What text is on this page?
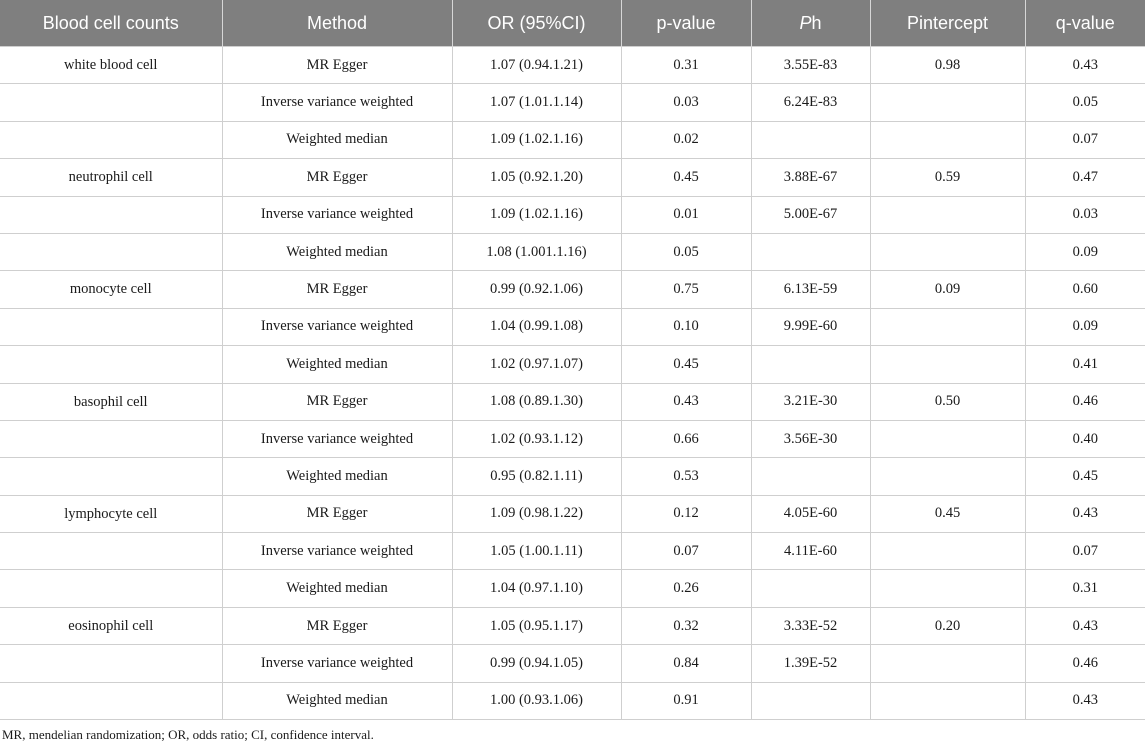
Blood cell counts	Method	OR (95%CI)	p-value	Ph	Pintercept	q-value
white blood cell	MR Egger	1.07 (0.94.1.21)	0.31	3.55E-83	0.98	0.43
	Inverse variance weighted	1.07 (1.01.1.14)	0.03	6.24E-83		0.05
	Weighted median	1.09 (1.02.1.16)	0.02			0.07
neutrophil cell	MR Egger	1.05 (0.92.1.20)	0.45	3.88E-67	0.59	0.47
	Inverse variance weighted	1.09 (1.02.1.16)	0.01	5.00E-67		0.03
	Weighted median	1.08 (1.001.1.16)	0.05			0.09
monocyte cell	MR Egger	0.99 (0.92.1.06)	0.75	6.13E-59	0.09	0.60
	Inverse variance weighted	1.04 (0.99.1.08)	0.10	9.99E-60		0.09
	Weighted median	1.02 (0.97.1.07)	0.45			0.41
basophil cell	MR Egger	1.08 (0.89.1.30)	0.43	3.21E-30	0.50	0.46
	Inverse variance weighted	1.02 (0.93.1.12)	0.66	3.56E-30		0.40
	Weighted median	0.95 (0.82.1.11)	0.53			0.45
lymphocyte cell	MR Egger	1.09 (0.98.1.22)	0.12	4.05E-60	0.45	0.43
	Inverse variance weighted	1.05 (1.00.1.11)	0.07	4.11E-60		0.07
	Weighted median	1.04 (0.97.1.10)	0.26			0.31
eosinophil cell	MR Egger	1.05 (0.95.1.17)	0.32	3.33E-52	0.20	0.43
	Inverse variance weighted	0.99 (0.94.1.05)	0.84	1.39E-52		0.46
	Weighted median	1.00 (0.93.1.06)	0.91			0.43
MR, mendelian randomization; OR, odds ratio; CI, confidence interval.
